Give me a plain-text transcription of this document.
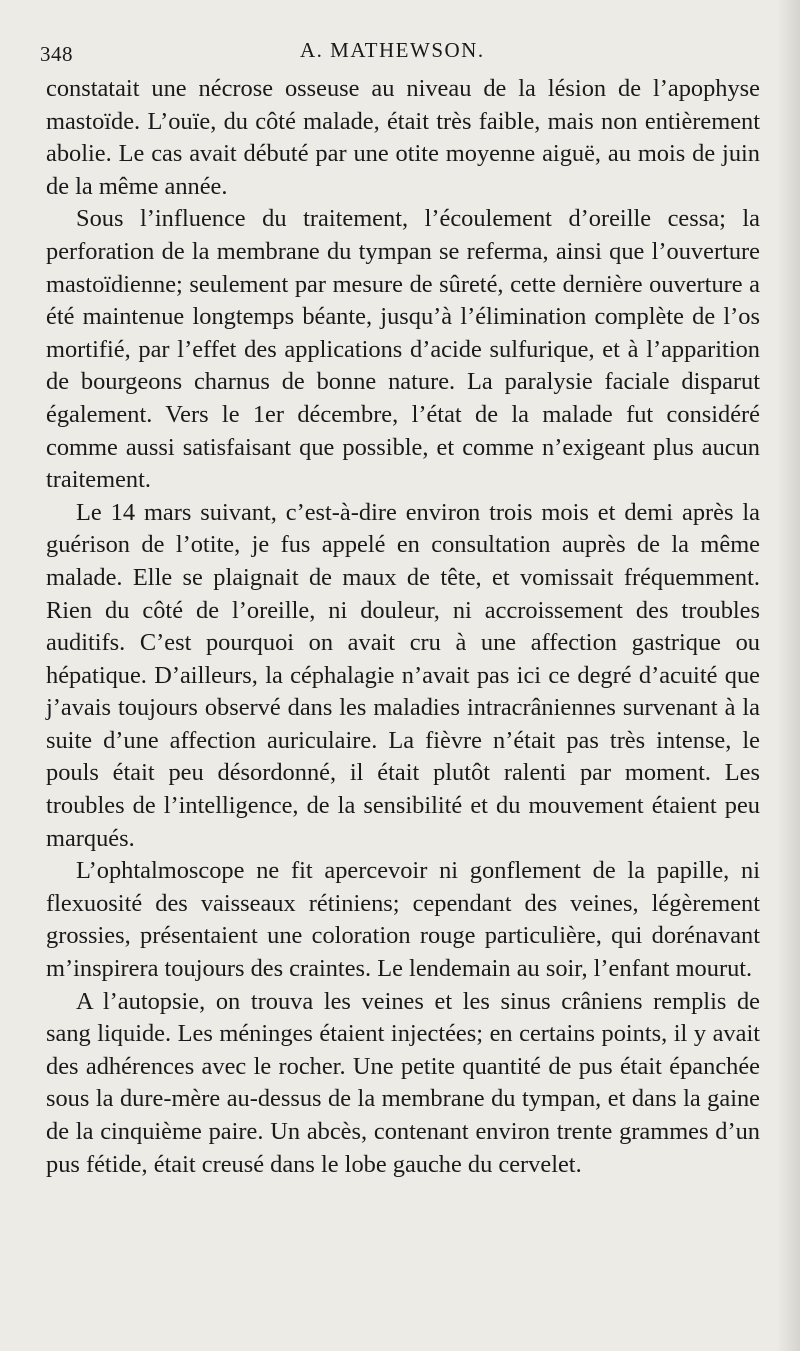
348	A. MATHEWSON.

constatait une nécrose osseuse au niveau de la lésion de l’apophyse mastoïde. L’ouïe, du côté malade, était très faible, mais non entièrement abolie. Le cas avait débuté par une otite moyenne aiguë, au mois de juin de la même année.

Sous l’influence du traitement, l’écoulement d’oreille cessa; la perforation de la membrane du tympan se referma, ainsi que l’ouverture mastoïdienne; seulement par mesure de sûreté, cette dernière ouverture a été maintenue longtemps béante, jusqu’à l’élimination complète de l’os mortifié, par l’effet des applications d’acide sulfurique, et à l’apparition de bourgeons charnus de bonne nature. La paralysie faciale disparut également. Vers le 1er décembre, l’état de la malade fut considéré comme aussi satisfaisant que possible, et comme n’exigeant plus aucun traitement.

Le 14 mars suivant, c’est-à-dire environ trois mois et demi après la guérison de l’otite, je fus appelé en consultation auprès de la même malade. Elle se plaignait de maux de tête, et vomissait fréquemment. Rien du côté de l’oreille, ni douleur, ni accroissement des troubles auditifs. C’est pourquoi on avait cru à une affection gastrique ou hépatique. D’ailleurs, la céphalagie n’avait pas ici ce degré d’acuité que j’avais toujours observé dans les maladies intracrâniennes survenant à la suite d’une affection auriculaire. La fièvre n’était pas très intense, le pouls était peu désordonné, il était plutôt ralenti par moment. Les troubles de l’intelligence, de la sensibilité et du mouvement étaient peu marqués.

L’ophtalmoscope ne fit apercevoir ni gonflement de la papille, ni flexuosité des vaisseaux rétiniens; cependant des veines, légèrement grossies, présentaient une coloration rouge particulière, qui dorénavant m’inspirera toujours des craintes. Le lendemain au soir, l’enfant mourut.

A l’autopsie, on trouva les veines et les sinus crâniens remplis de sang liquide. Les méninges étaient injectées; en certains points, il y avait des adhérences avec le rocher. Une petite quantité de pus était épanchée sous la dure-mère au-dessus de la membrane du tympan, et dans la gaine de la cinquième paire. Un abcès, contenant environ trente grammes d’un pus fétide, était creusé dans le lobe gauche du cervelet.
